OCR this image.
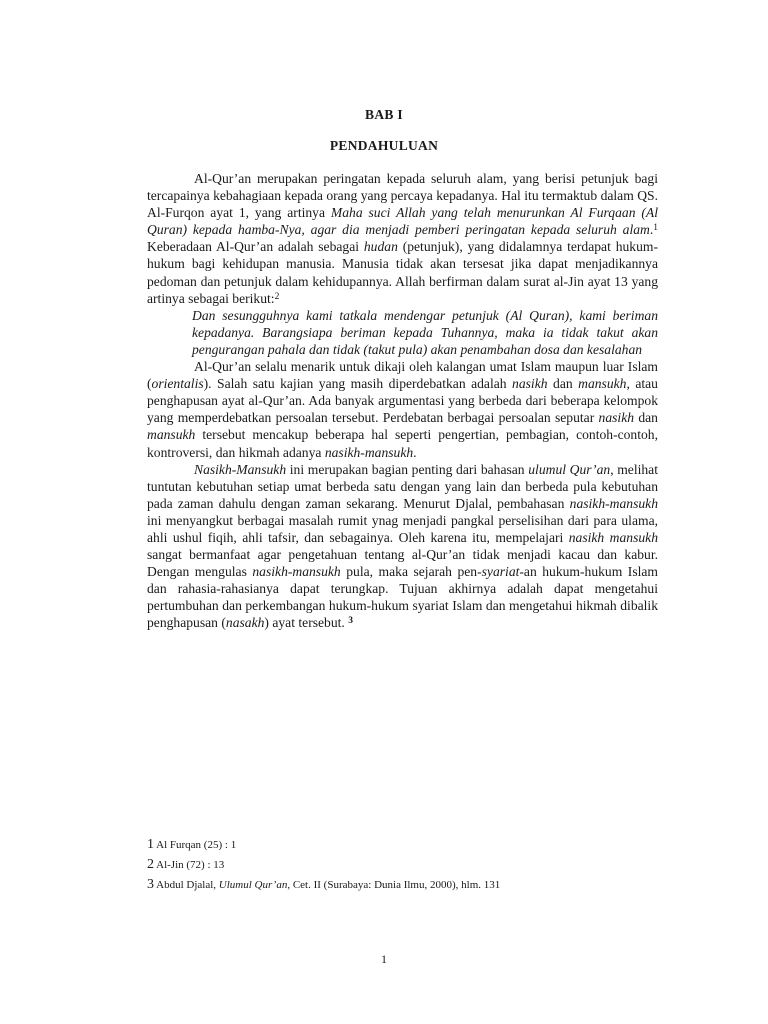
BAB I
PENDAHULUAN

Al-Qur’an merupakan peringatan kepada seluruh alam, yang berisi petunjuk bagi tercapainya kebahagiaan kepada orang yang percaya kepadanya. Hal itu termaktub dalam QS. Al-Furqon ayat 1, yang artinya Maha suci Allah yang telah menurunkan Al Furqaan (Al Quran) kepada hamba-Nya, agar dia menjadi pemberi peringatan kepada seluruh alam.$^1$ Keberadaan Al-Qur’an adalah sebagai hudan (petunjuk), yang didalamnya terdapat hukum-hukum bagi kehidupan manusia. Manusia tidak akan tersesat jika dapat menjadikannya pedoman dan petunjuk dalam kehidupannya. Allah berfirman dalam surat al-Jin ayat 13 yang artinya sebagai berikut:$^2$

Dan sesungguhnya kami tatkala mendengar petunjuk (Al Quran), kami beriman kepadanya. Barangsiapa beriman kepada Tuhannya, maka ia tidak takut akan pengurangan pahala dan tidak (takut pula) akan penambahan dosa dan kesalahan

Al-Qur’an selalu menarik untuk dikaji oleh kalangan umat Islam maupun luar Islam (orientalis). Salah satu kajian yang masih diperdebatkan adalah nasikh dan mansukh, atau penghapusan ayat al-Qur’an. Ada banyak argumentasi yang berbeda dari beberapa kelompok yang memperdebatkan persoalan tersebut. Perdebatan berbagai persoalan seputar nasikh dan mansukh tersebut mencakup beberapa hal seperti pengertian, pembagian, contoh-contoh, kontroversi, dan hikmah adanya nasikh-mansukh.

Nasikh-Mansukh ini merupakan bagian penting dari bahasan ulumul Qur’an, melihat tuntutan kebutuhan setiap umat berbeda satu dengan yang lain dan berbeda pula kebutuhan pada zaman dahulu dengan zaman sekarang. Menurut Djalal, pembahasan nasikh-mansukh ini menyangkut berbagai masalah rumit ynag menjadi pangkal perselisihan dari para ulama, ahli ushul fiqih, ahli tafsir, dan sebagainya. Oleh karena itu, mempelajari nasikh mansukh sangat bermanfaat agar pengetahuan tentang al-Qur’an tidak menjadi kacau dan kabur. Dengan mengulas nasikh-mansukh pula, maka sejarah pen-syariat-an hukum-hukum Islam dan rahasia-rahasianya dapat terungkap. Tujuan akhirnya adalah dapat mengetahui pertumbuhan dan perkembangan hukum-hukum syariat Islam dan mengetahui hikmah dibalik penghapusan (nasakh) ayat tersebut. $^3$

1 Al Furqan (25) : 1
2 Al-Jin (72) : 13
3 Abdul Djalal, Ulumul Qur’an, Cet. II (Surabaya: Dunia Ilmu, 2000), hlm. 131
1
